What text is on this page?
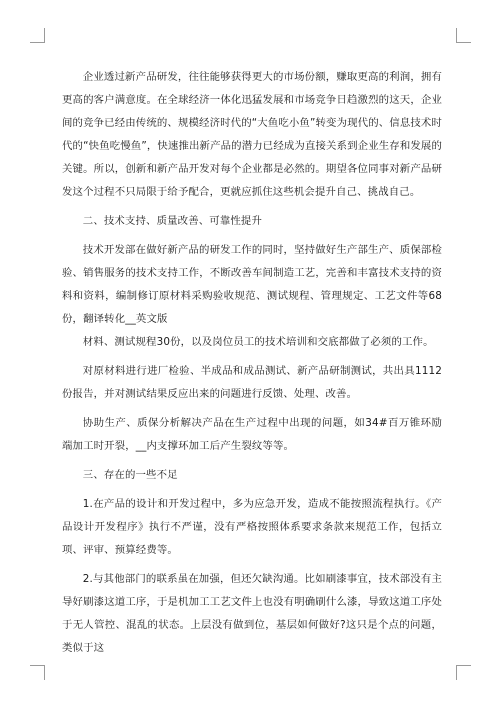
企业透过新产品研发，往往能够获得更大的市场份额，赚取更高的利润，拥有更高的客户满意度。在全球经济一体化迅猛发展和市场竞争日趋激烈的这天，企业间的竞争已经由传统的、规模经济时代的“大鱼吃小鱼”转变为现代的、信息技术时代的“快鱼吃慢鱼”，快速推出新产品的潜力已经成为直接关系到企业生存和发展的关键。所以，创新和新产品开发对每个企业都是必然的。期望各位同事对新产品研发这个过程不只局限于给予配合，更就应抓住这些机会提升自己、挑战自己。

二、技术支持、质量改善、可靠性提升

技术开发部在做好新产品的研发工作的同时，坚持做好生产部生产、质保部检验、销售服务的技术支持工作，不断改善车间制造工艺，完善和丰富技术支持的资料和资料，编制修订原材料采购验收规范、测试规程、管理规定、工艺文件等68份，翻译转化__英文版

材料、测试规程30份，以及岗位员工的技术培训和交底都做了必须的工作。

对原材料进行进厂检验、半成品和成品测试、新产品研制测试，共出具1112份报告，并对测试结果反应出来的问题进行反馈、处理、改善。

协助生产、质保分析解决产品在生产过程中出现的问题，如34#百万锥环励端加工时开裂，__内支撑环加工后产生裂纹等等。

三、存在的一些不足

1.在产品的设计和开发过程中，多为应急开发，造成不能按照流程执行。《产品设计开发程序》执行不严谨，没有严格按照体系要求条款来规范工作，包括立项、评审、预算经费等。

2.与其他部门的联系虽在加强，但还欠缺沟通。比如刷漆事宜，技术部没有主导好刷漆这道工序，于是机加工工艺文件上也没有明确刷什么漆，导致这道工序处于无人管控、混乱的状态。上层没有做到位，基层如何做好?这只是个点的问题，类似于这
